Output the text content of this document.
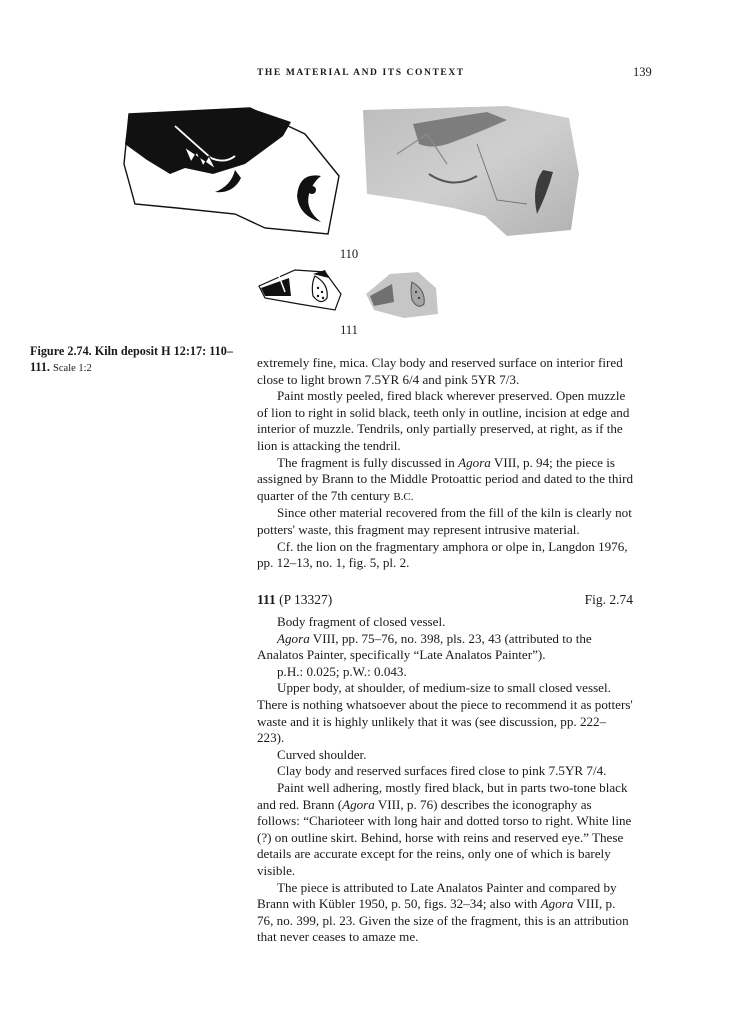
THE MATERIAL AND ITS CONTEXT	139
110
111
Figure 2.74. Kiln deposit H 12:17: 110–111. Scale 1:2	extremely fine, mica. Clay body and reserved surface on interior fired close to light brown 7.5YR 6/4 and pink 5YR 7/3.

Paint mostly peeled, fired black wherever preserved. Open muzzle of lion to right in solid black, teeth only in outline, incision at edge and interior of muzzle. Tendrils, only partially preserved, at right, as if the lion is attacking the tendril.

The fragment is fully discussed in Agora VIII, p. 94; the piece is assigned by Brann to the Middle Protoattic period and dated to the third quarter of the 7th century B.C.

Since other material recovered from the fill of the kiln is clearly not potters' waste, this fragment may represent intrusive material.

Cf. the lion on the fragmentary amphora or olpe in, Langdon 1976, pp. 12–13, no. 1, fig. 5, pl. 2.

111 (P 13327)	Fig. 2.74

Body fragment of closed vessel.

Agora VIII, pp. 75–76, no. 398, pls. 23, 43 (attributed to the Analatos Painter, specifically “Late Analatos Painter”).

p.H.: 0.025; p.W.: 0.043.

Upper body, at shoulder, of medium-size to small closed vessel. There is nothing whatsoever about the piece to recommend it as potters' waste and it is highly unlikely that it was (see discussion, pp. 222–223).

Curved shoulder.

Clay body and reserved surfaces fired close to pink 7.5YR 7/4.

Paint well adhering, mostly fired black, but in parts two-tone black and red. Brann (Agora VIII, p. 76) describes the iconography as follows: “Charioteer with long hair and dotted torso to right. White line (?) on outline skirt. Behind, horse with reins and reserved eye.” These details are accurate except for the reins, only one of which is barely visible.

The piece is attributed to Late Analatos Painter and compared by Brann with Kübler 1950, p. 50, figs. 32–34; also with Agora VIII, p. 76, no. 399, pl. 23. Given the size of the fragment, this is an attribution that never ceases to amaze me.
